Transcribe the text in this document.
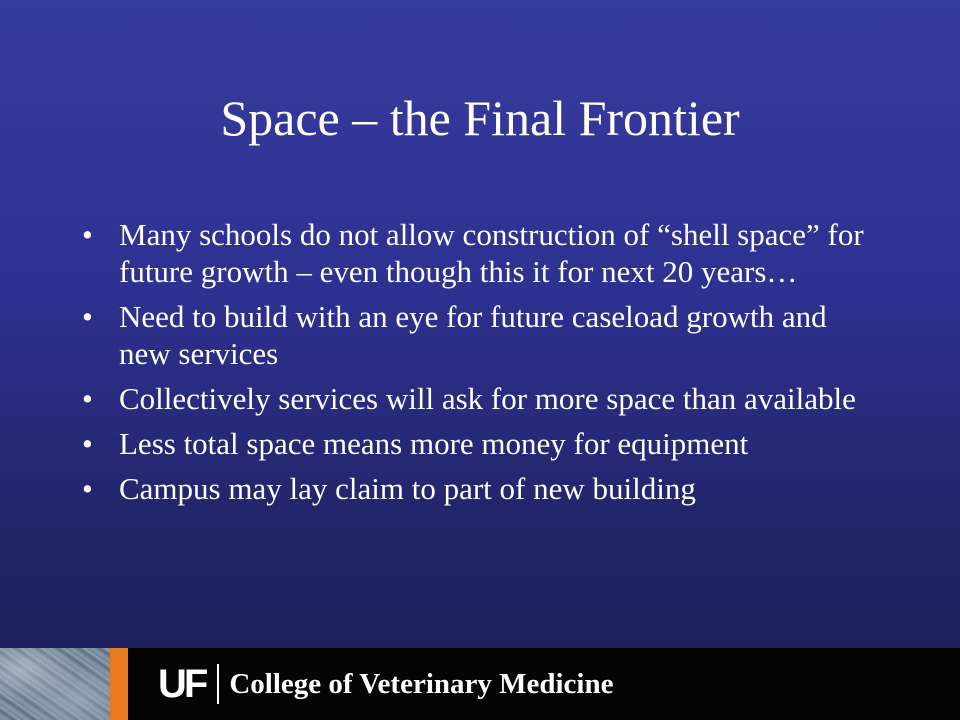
Space – the Final Frontier
• Many schools do not allow construction of “shell space” for future growth – even though this it for next 20 years…
• Need to build with an eye for future caseload growth and new services
• Collectively services will ask for more space than available
• Less total space means more money for equipment
• Campus may lay claim to part of new building
UF College of Veterinary Medicine
